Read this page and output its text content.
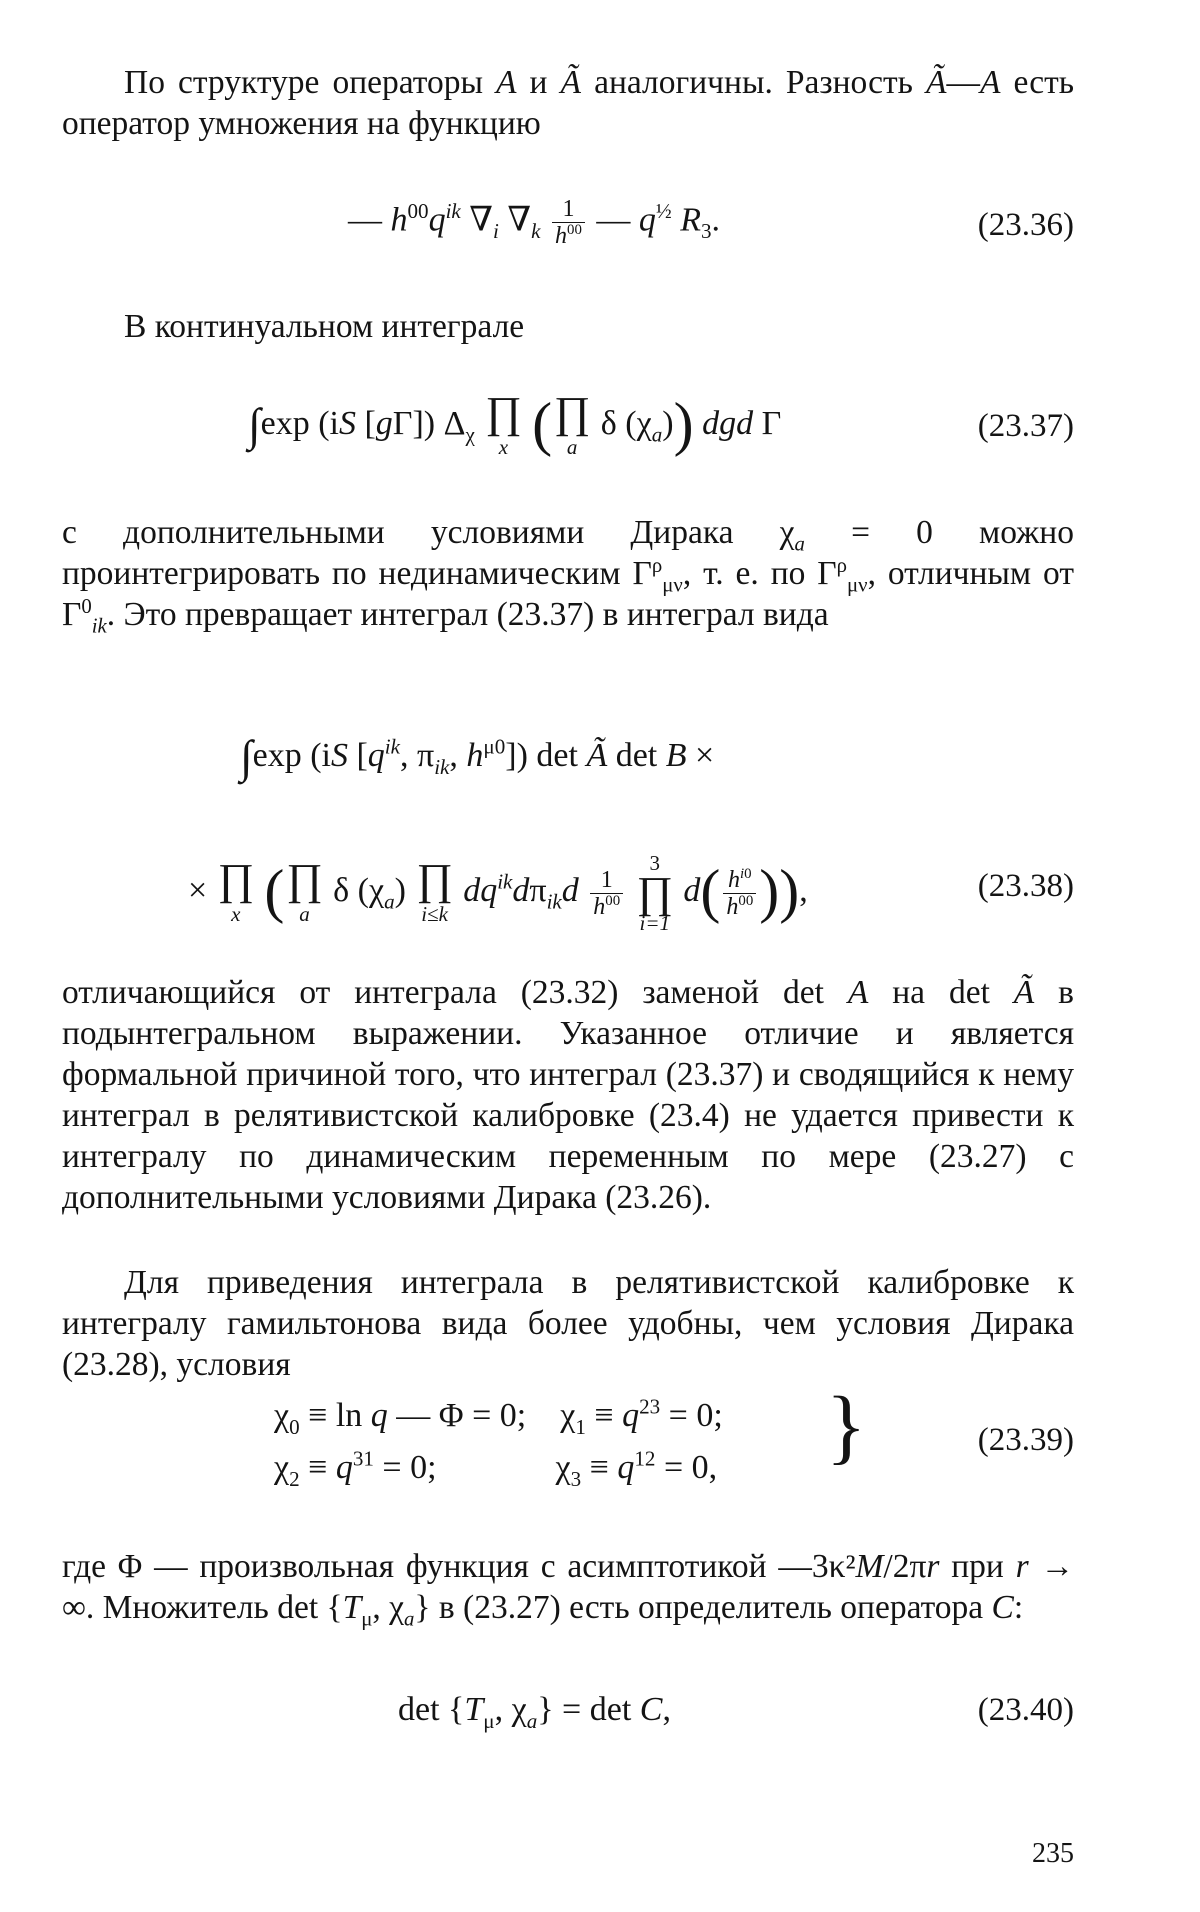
По структуре операторы A и Ã аналогичны. Разность Ã—A есть оператор умножения на функцию

— $h^{00}q^{ik}$ $\nabla_i$ $\nabla_k \frac{1}{h^{00}}$ — $q^{\frac{1}{2}}$ $R_3$.	(23.36)

В континуальном интеграле

∫exp (iS [gΓ]) $\Delta_\chi$ ∏
x ( ∏
a
δ $(\chi_a)$) dgd Γ	(23.37)

с дополнительными условиями Дирака $\chi_a = 0$ можно проинтегрировать по нединамическим $\Gamma^\rho_{\mu\nu}$, т. е. по $\Gamma^\rho_{\mu\nu}$, отличным от $\Gamma^0_{ik}$. Это превращает интеграл (23.37) в интеграл вида

∫exp (iS [$q^{ik}$, $\pi_{ik}$, $h^{\mu 0}$]) det Ã det B ×
× ∏
x ( ∏
a
δ $(\chi_a)$ ∏
i≤k
$dq^{ik}d\pi_{ik}d \frac{1}{h^{00}}$

3
∏
i=1
$d( \frac{h^{i0}}{h^{00}}$ )),	(23.38)

отличающийся от интеграла (23.32) заменой det A на det Ã в подынтегральном выражении. Указанное отличие и является формальной причиной того, что интеграл (23.37) и сводящийся к нему интеграл в релятивистской калибровке (23.4) не удается привести к интегралу по динамическим переменным по мере (23.27) с дополнительными условиями Дирака (23.26).

Для приведения интеграла в релятивистской калибровке к интегралу гамильтонова вида более удобны, чем условия Дирака (23.28), условия

$\chi_0 \equiv \ln q$ — Φ = 0;    $\chi_1 \equiv q^{23} = 0$;
$\chi_2 \equiv q^{31} = 0$;              $\chi_3 \equiv q^{12} = 0$, }	(23.39)

где Φ — произвольная функция с асимптотикой —3κ²M/2πr при r → ∞. Множитель $\det \{T_\mu$, $\chi_a$} в (23.27) есть определитель оператора C:

$\det \{T_\mu$, $\chi_a\} = \det C$,	(23.40)
235
